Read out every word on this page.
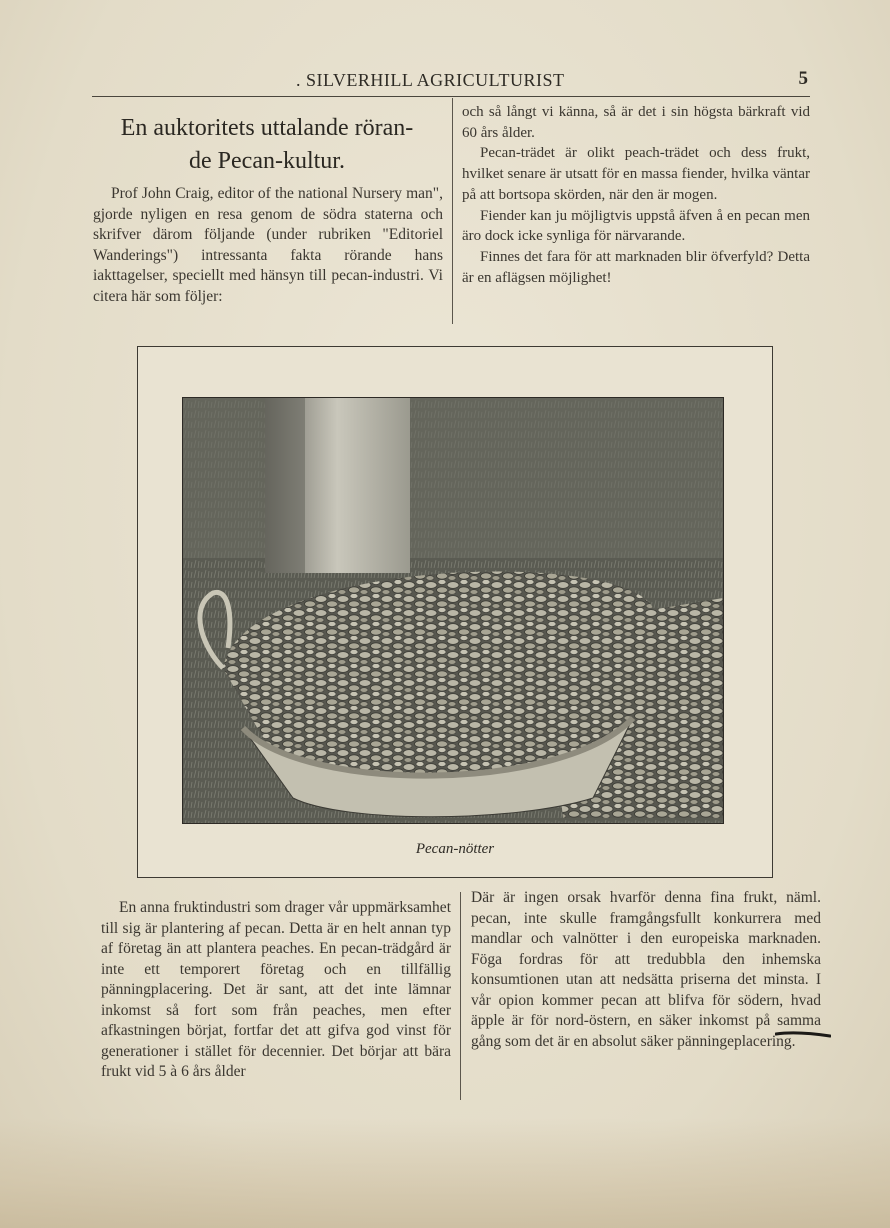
. SILVERHILL AGRICULTURIST	5
En auktoritets uttalande röran-
de Pecan-kultur.

Prof John Craig, editor of the national Nursery man", gjorde nyligen en resa genom de södra staterna och skrifver därom följande (under rubriken "Editoriel Wanderings") intressanta fakta rörande hans iakttagelser, speciellt med hänsyn till pecan-industri. Vi citera här som följer:

och så långt vi känna, så är det i sin högsta bärkraft vid 60 års ålder.

Pecan-trädet är olikt peach-trädet och dess frukt, hvilket senare är utsatt för en massa fiender, hvilka väntar på att bortsopa skörden, när den är mogen.

Fiender kan ju möjligtvis uppstå äfven å en pecan men äro dock icke synliga för närvarande.

Finnes det fara för att marknaden blir öfverfyld? Detta är en aflägsen möjlighet!

Pecan-nötter

En anna fruktindustri som drager vår uppmärksamhet till sig är plantering af pecan. Detta är en helt annan typ af företag än att plantera peaches. En pecan-trädgård är inte ett temporert företag och en tillfällig pänningplacering. Det är sant, att det inte lämnar inkomst så fort som från peaches, men efter afkastningen börjat, fortfar det att gifva god vinst för generationer i stället för decennier. Det börjar att bära frukt vid 5 à 6 års ålder

Där är ingen orsak hvarför denna fina frukt, näml. pecan, inte skulle framgångsfullt konkurrera med mandlar och valnötter i den europeiska marknaden. Föga fordras för att tredubbla den inhemska konsumtionen utan att nedsätta priserna det minsta. I vår opion kommer pecan att blifva för södern, hvad äpple är för nord-östern, en säker inkomst på samma gång som det är en absolut säker pänningeplacering.
